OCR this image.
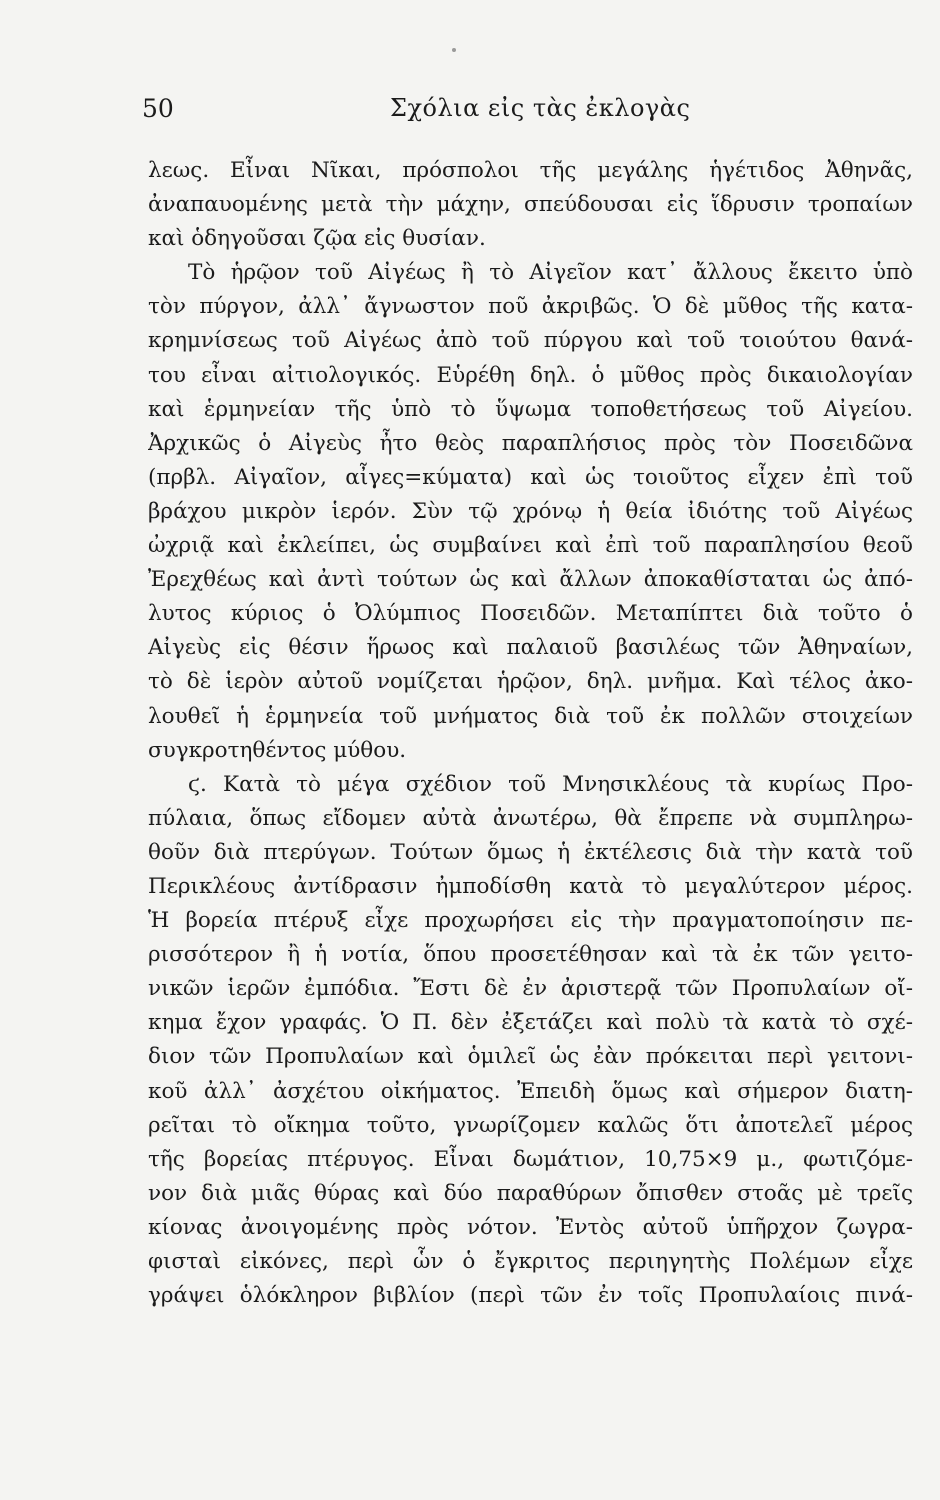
50	Σχόλια εἰς τὰς ἐκλογὰς
λεως. Εἶναι Νῖκαι, πρόσπολοι τῆς μεγάλης ἡγέτιδος Ἀθηνᾶς,
ἀναπαυομένης μετὰ τὴν μάχην, σπεύδουσαι εἰς ἵδρυσιν τροπαίων
καὶ ὁδηγοῦσαι ζῷα εἰς θυσίαν.
Τὸ ἡρῷον τοῦ Αἰγέως ἢ τὸ Αἰγεῖον κατ᾽ ἄλλους ἔκειτο ὑπὸ
τὸν πύργον, ἀλλ᾽ ἄγνωστον ποῦ ἀκριβῶς. Ὁ δὲ μῦθος τῆς κατα-
κρημνίσεως τοῦ Αἰγέως ἀπὸ τοῦ πύργου καὶ τοῦ τοιούτου θανά-
του εἶναι αἰτιολογικός. Εὑρέθη δηλ. ὁ μῦθος πρὸς δικαιολογίαν
καὶ ἑρμηνείαν τῆς ὑπὸ τὸ ὕψωμα τοποθετήσεως τοῦ Αἰγείου.
Ἀρχικῶς ὁ Αἰγεὺς ἦτο θεὸς παραπλήσιος πρὸς τὸν Ποσειδῶνα
(πρβλ. Αἰγαῖον, αἶγες=κύματα) καὶ ὡς τοιοῦτος εἶχεν ἐπὶ τοῦ
βράχου μικρὸν ἱερόν. Σὺν τῷ χρόνῳ ἡ θεία ἰδιότης τοῦ Αἰγέως
ὠχριᾷ καὶ ἐκλείπει, ὡς συμβαίνει καὶ ἐπὶ τοῦ παραπλησίου θεοῦ
Ἐρεχθέως καὶ ἀντὶ τούτων ὡς καὶ ἄλλων ἀποκαθίσταται ὡς ἀπό-
λυτος κύριος ὁ Ὀλύμπιος Ποσειδῶν. Μεταπίπτει διὰ τοῦτο ὁ
Αἰγεὺς εἰς θέσιν ἥρωος καὶ παλαιοῦ βασιλέως τῶν Ἀθηναίων,
τὸ δὲ ἱερὸν αὐτοῦ νομίζεται ἡρῷον, δηλ. μνῆμα. Καὶ τέλος ἀκο-
λουθεῖ ἡ ἑρμηνεία τοῦ μνήματος διὰ τοῦ ἐκ πολλῶν στοιχείων
συγκροτηθέντος μύθου.
ϛ. Κατὰ τὸ μέγα σχέδιον τοῦ Μνησικλέους τὰ κυρίως Προ-
πύλαια, ὅπως εἴδομεν αὐτὰ ἀνωτέρω, θὰ ἔπρεπε νὰ συμπληρω-
θοῦν διὰ πτερύγων. Τούτων ὅμως ἡ ἐκτέλεσις διὰ τὴν κατὰ τοῦ
Περικλέους ἀντίδρασιν ἠμποδίσθη κατὰ τὸ μεγαλύτερον μέρος.
Ἡ βορεία πτέρυξ εἶχε προχωρήσει εἰς τὴν πραγματοποίησιν πε-
ρισσότερον ἢ ἡ νοτία, ὅπου προσετέθησαν καὶ τὰ ἐκ τῶν γειτο-
νικῶν ἱερῶν ἐμπόδια. Ἔστι δὲ ἐν ἀριστερᾷ τῶν Προπυλαίων οἴ-
κημα ἔχον γραφάς. Ὁ Π. δὲν ἐξετάζει καὶ πολὺ τὰ κατὰ τὸ σχέ-
διον τῶν Προπυλαίων καὶ ὁμιλεῖ ὡς ἐὰν πρόκειται περὶ γειτονι-
κοῦ ἀλλ᾽ ἀσχέτου οἰκήματος. Ἐπειδὴ ὅμως καὶ σήμερον διατη-
ρεῖται τὸ οἴκημα τοῦτο, γνωρίζομεν καλῶς ὅτι ἀποτελεῖ μέρος
τῆς βορείας πτέρυγος. Εἶναι δωμάτιον, 10,75×9 μ., φωτιζόμε-
νον διὰ μιᾶς θύρας καὶ δύο παραθύρων ὄπισθεν στοᾶς μὲ τρεῖς
κίονας ἀνοιγομένης πρὸς νότον. Ἐντὸς αὐτοῦ ὑπῆρχον ζωγρα-
φισταὶ εἰκόνες, περὶ ὧν ὁ ἔγκριτος περιηγητὴς Πολέμων εἶχε
γράψει ὁλόκληρον βιβλίον (περὶ τῶν ἐν τοῖς Προπυλαίοις πινά-
